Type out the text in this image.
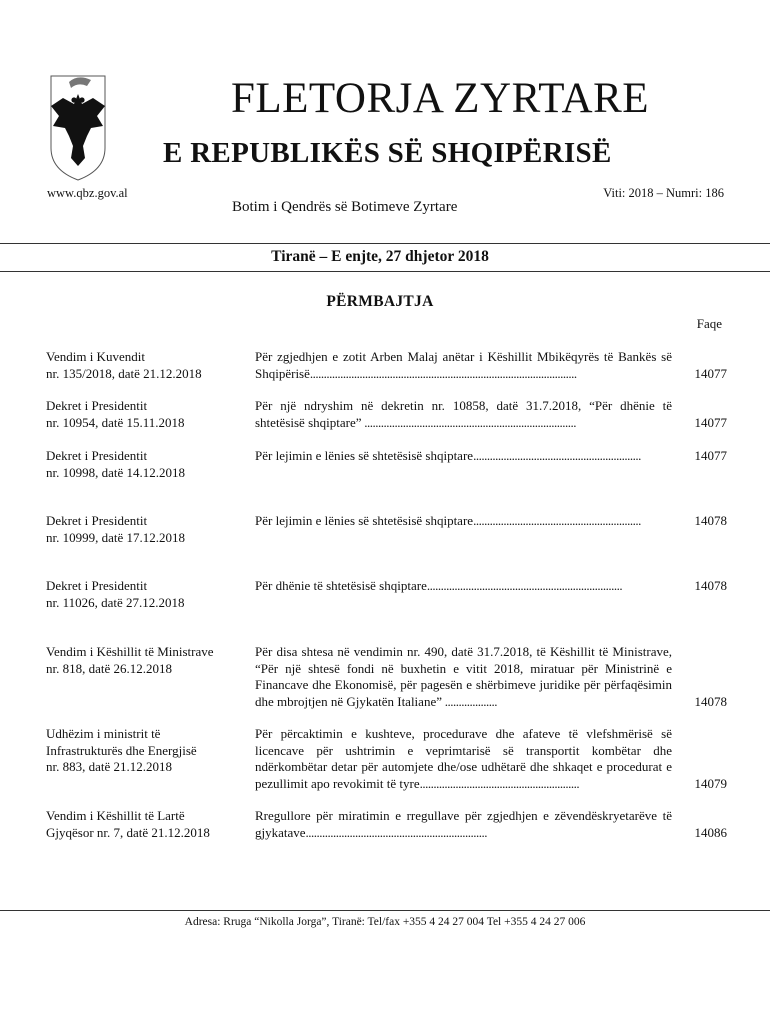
FLETORJA ZYRTARE
E REPUBLIKËS SË SHQIPËRISË
www.qbz.gov.al	Viti: 2018 – Numri: 186
Botim i Qendrës së Botimeve Zyrtare
Tiranë – E enjte, 27 dhjetor 2018
PËRMBAJTJA
Faqe
Vendim i Kuvendit
nr. 135/2018, datë 21.12.2018
Për zgjedhjen e zotit Arben Malaj anëtar i Këshillit Mbikëqyrës të Bankës së Shqipërisë.................................................................................................	14077
Dekret i Presidentit
nr. 10954, datë 15.11.2018
Për një ndryshim në dekretin nr. 10858, datë 31.7.2018, “Për dhënie të shtetësisë shqiptare” .............................................................................	14077
Dekret i Presidentit
nr. 10998, datë 14.12.2018
Për lejimin e lënies së shtetësisë shqiptare.............................................................	14077
Dekret i Presidentit
nr. 10999, datë 17.12.2018
Për lejimin e lënies së shtetësisë shqiptare.............................................................	14078
Dekret i Presidentit
nr. 11026, datë 27.12.2018
Për dhënie të shtetësisë shqiptare.......................................................................	14078
Vendim i Këshillit të Ministrave
nr. 818, datë 26.12.2018
Për disa shtesa në vendimin nr. 490, datë 31.7.2018, të Këshillit të Ministrave, “Për një shtesë fondi në buxhetin e vitit 2018, miratuar për Ministrinë e Financave dhe Ekonomisë, për pagesën e shërbimeve juridike për përfaqësimin dhe mbrojtjen në Gjykatën Italiane” ...................	14078
Udhëzim i ministrit të
Infrastrukturës dhe Energjisë
nr. 883, datë 21.12.2018
Për përcaktimin e kushteve, procedurave dhe afateve të vlefshmërisë së licencave për ushtrimin e veprimtarisë së transportit kombëtar dhe ndërkombëtar detar për automjete dhe/ose udhëtarë dhe shkaqet e procedurat e pezullimit apo revokimit të tyre..........................................................	14079
Vendim i Këshillit të Lartë
Gjyqësor nr. 7, datë 21.12.2018
Rregullore për miratimin e rregullave për zgjedhjen e zëvendëskryetarëve të gjykatave..................................................................	14086
Adresa: Rruga “Nikolla Jorga”, Tiranë: Tel/fax +355 4 24 27 004 Tel +355 4 24 27 006
